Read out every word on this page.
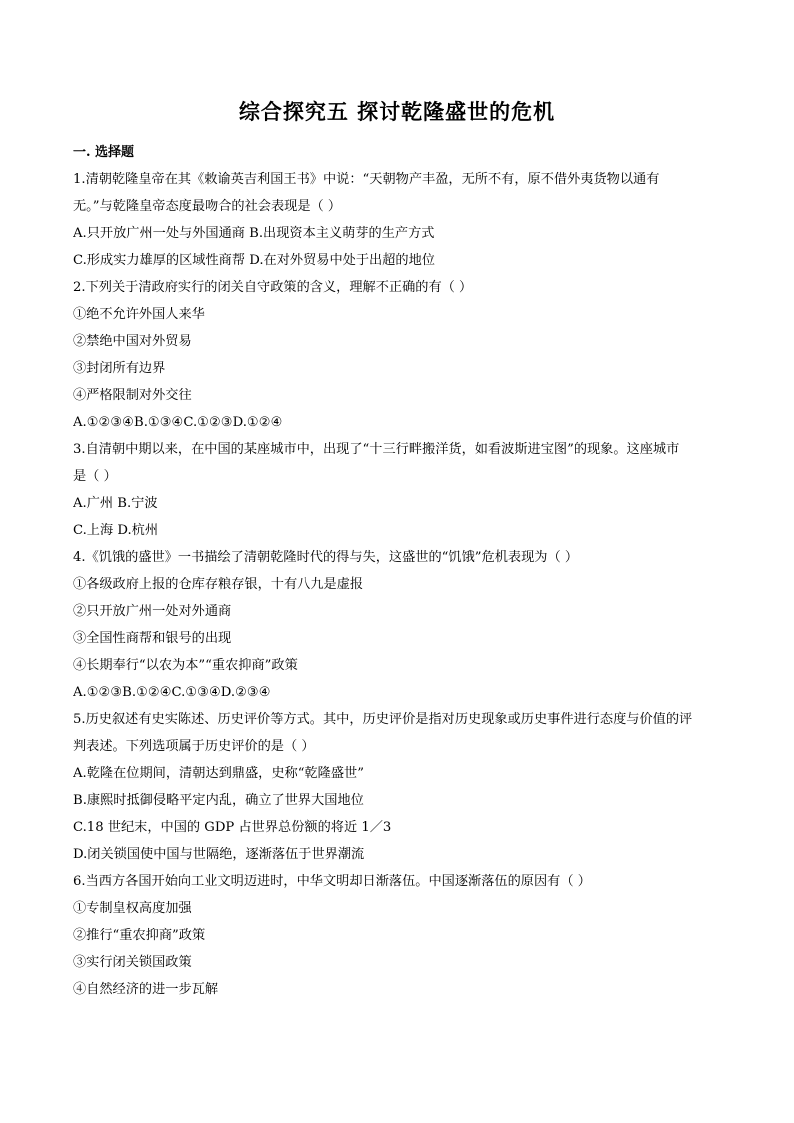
综合探究五 探讨乾隆盛世的危机

一. 选择题

1.清朝乾隆皇帝在其《敕谕英吉利国王书》中说：“天朝物产丰盈，无所不有，原不借外夷货物以通有

无。”与乾隆皇帝态度最吻合的社会表现是（ ）

A.只开放广州一处与外国通商 B.出现资本主义萌芽的生产方式

C.形成实力雄厚的区域性商帮 D.在对外贸易中处于出超的地位

2.下列关于清政府实行的闭关自守政策的含义，理解不正确的有（ ）

①绝不允许外国人来华

②禁绝中国对外贸易

③封闭所有边界

④严格限制对外交往

A.①②③④B.①③④C.①②③D.①②④

3.自清朝中期以来，在中国的某座城市中，出现了“十三行畔搬洋货，如看波斯进宝图”的现象。这座城市

是（ ）

A.广州 B.宁波

C.上海 D.杭州

4.《饥饿的盛世》一书描绘了清朝乾隆时代的得与失，这盛世的“饥饿”危机表现为（ ）

①各级政府上报的仓库存粮存银，十有八九是虚报

②只开放广州一处对外通商

③全国性商帮和银号的出现

④长期奉行“以农为本”“重农抑商”政策

A.①②③B.①②④C.①③④D.②③④

5.历史叙述有史实陈述、历史评价等方式。其中，历史评价是指对历史现象或历史事件进行态度与价值的评

判表述。下列选项属于历史评价的是（ ）

A.乾隆在位期间，清朝达到鼎盛，史称“乾隆盛世”

B.康熙时抵御侵略平定内乱，确立了世界大国地位

C.18 世纪末，中国的 GDP 占世界总份额的将近 1／3

D.闭关锁国使中国与世隔绝，逐渐落伍于世界潮流

6.当西方各国开始向工业文明迈进时，中华文明却日渐落伍。中国逐渐落伍的原因有（ ）

①专制皇权高度加强

②推行“重农抑商”政策

③实行闭关锁国政策

④自然经济的进一步瓦解
